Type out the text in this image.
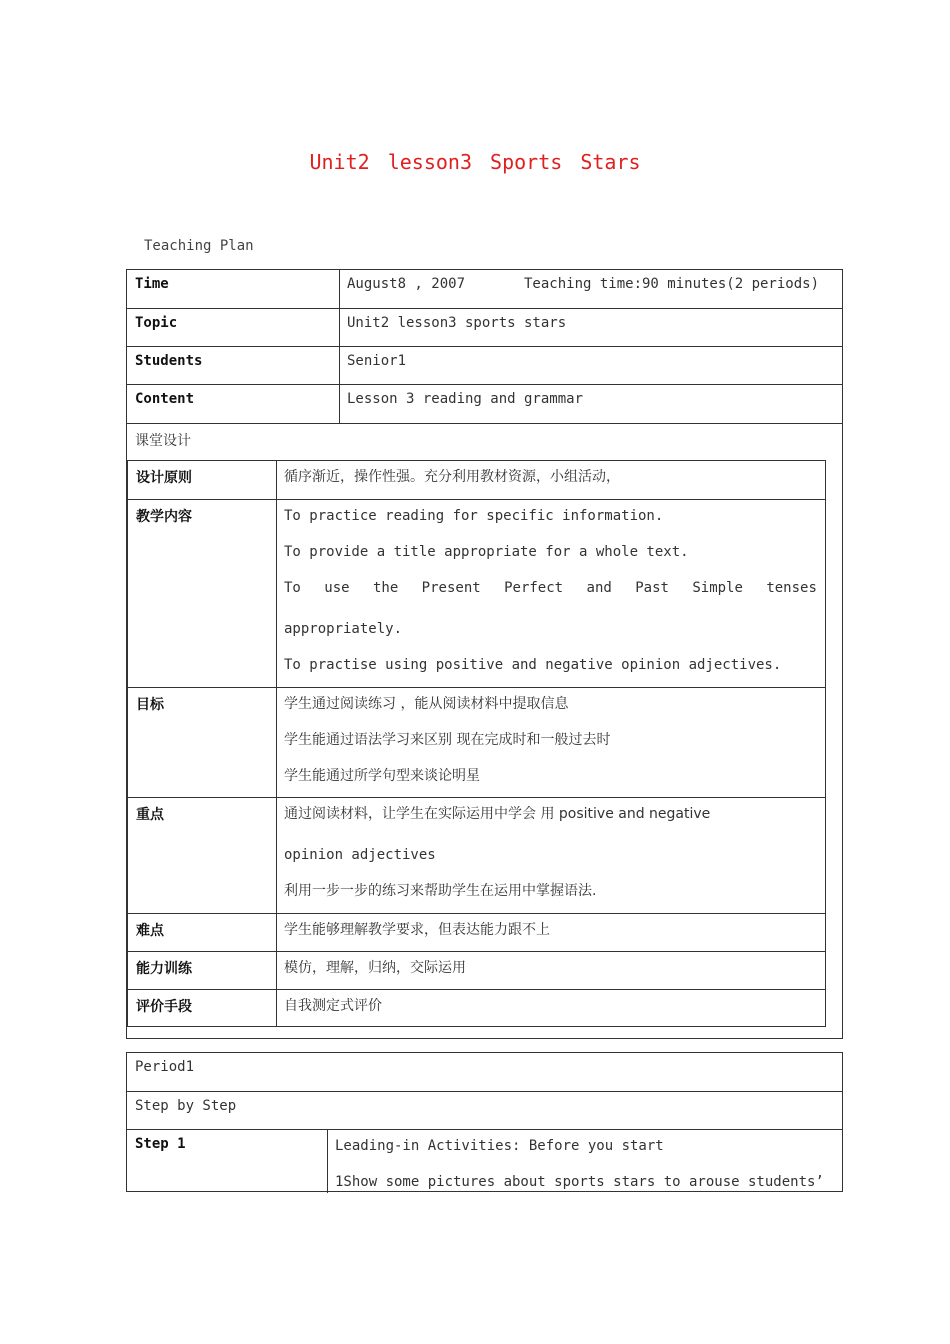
Unit2 lesson3 Sports Stars
Teaching Plan
Time	August8 , 2007       Teaching time:90 minutes(2 periods)
Topic	Unit2 lesson3 sports stars
Students	Senior1
Content	Lesson 3 reading and grammar
课堂设计
设计原则	循序渐近，操作性强。充分利用教材资源，小组活动，
教学内容	To practice reading for specific information.
To provide a title appropriate for a whole text.
To use the Present Perfect and Past Simple tenses
appropriately.
To practise using positive and negative opinion adjectives.
目标	学生通过阅读练习 ，能从阅读材料中提取信息
学生能通过语法学习来区别 现在完成时和一般过去时
学生能通过所学句型来谈论明星
重点	通过阅读材料，让学生在实际运用中学会 用 positive and negative
opinion adjectives
利用一步一步的练习来帮助学生在运用中掌握语法.
难点	学生能够理解教学要求，但表达能力跟不上
能力训练	模仿，理解，归纳，交际运用
评价手段	自我测定式评价
Period1
Step by Step
Step 1	Leading-in Activities: Before you start
1Show some pictures about sports stars to arouse students’
